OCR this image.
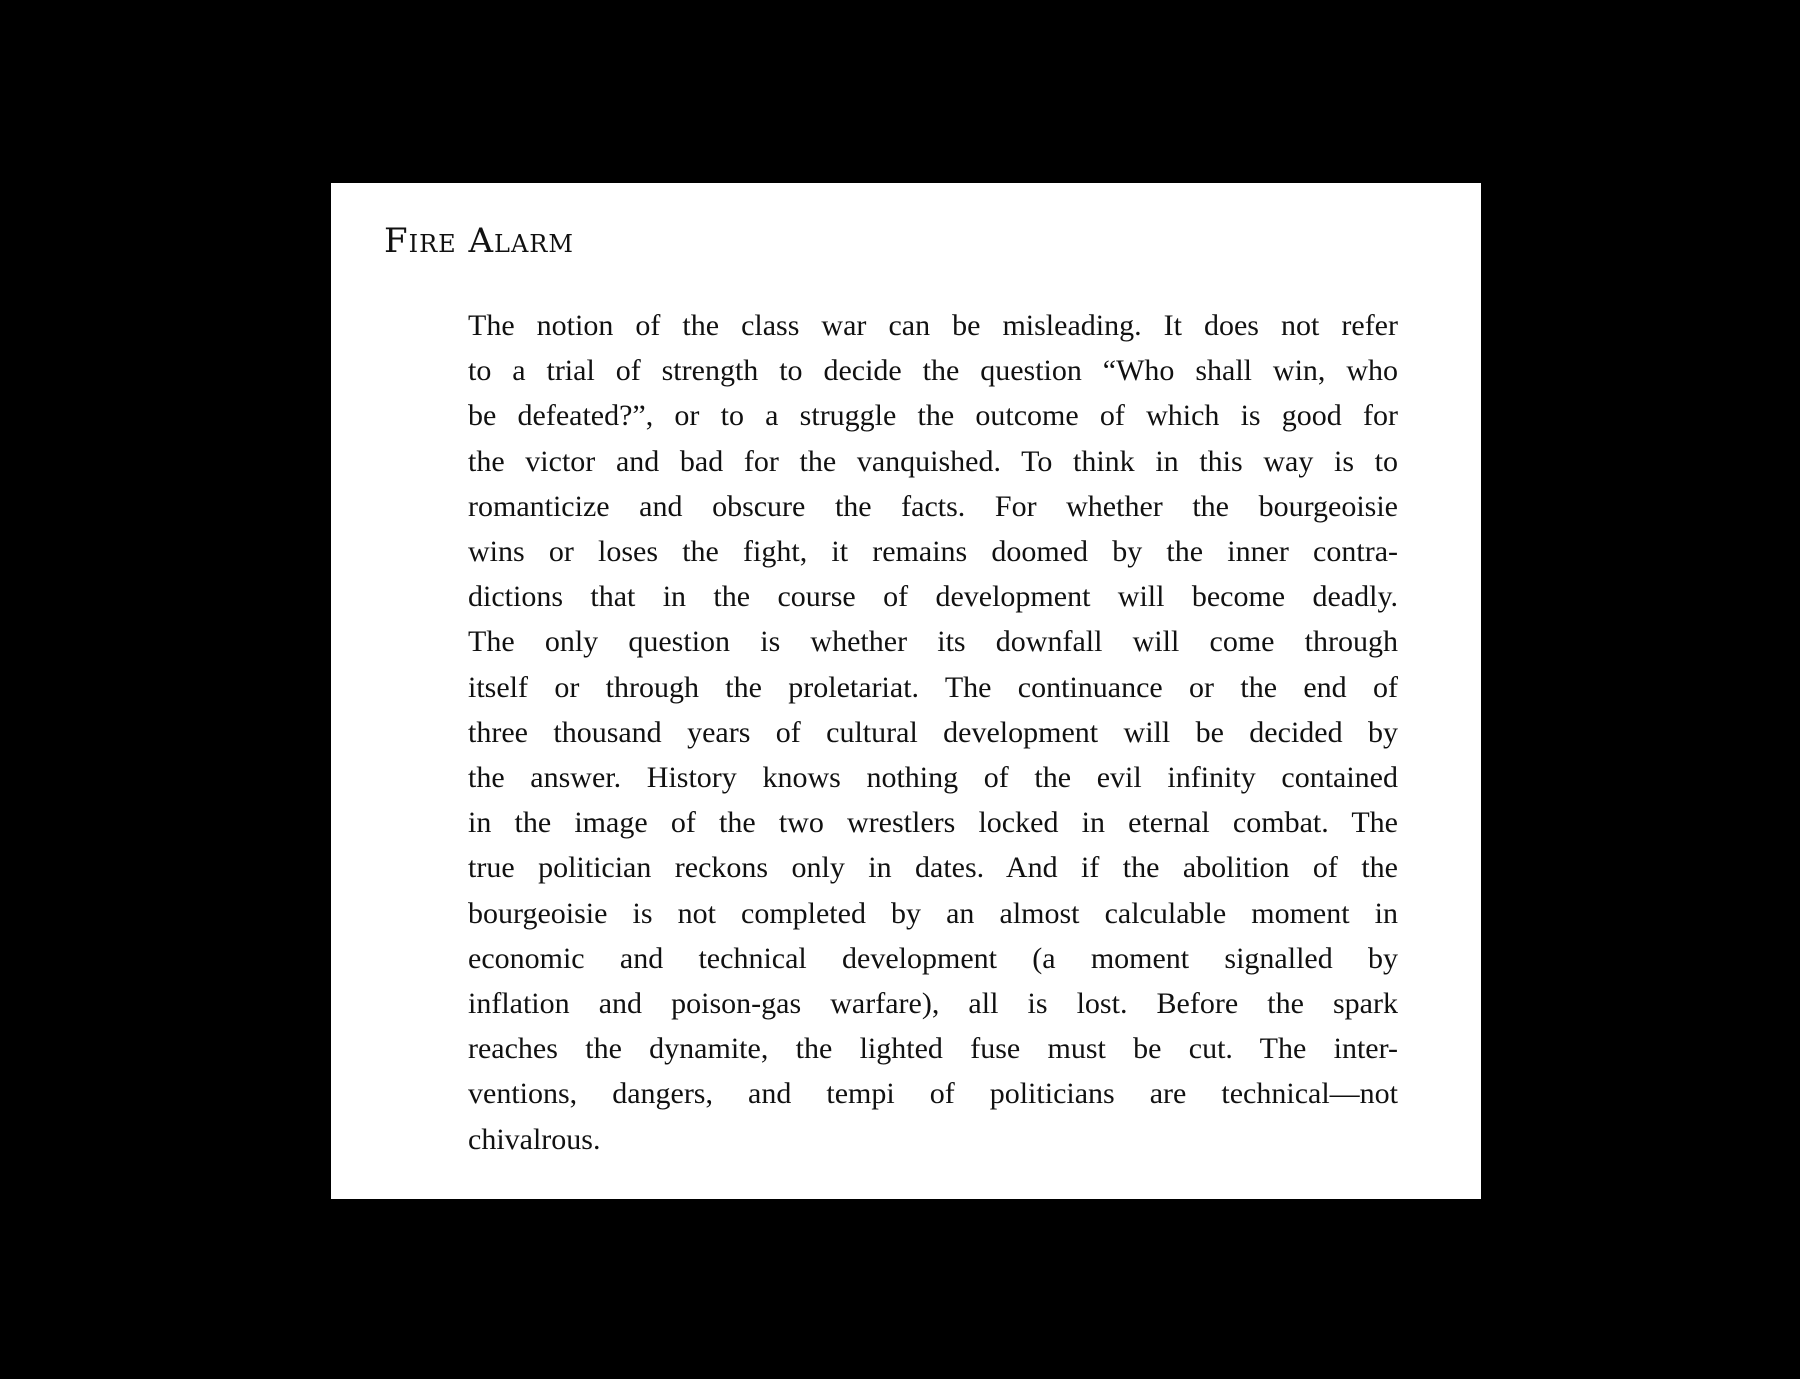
Fire Alarm
The notion of the class war can be misleading. It does not refer
to a trial of strength to decide the question “Who shall win, who
be defeated?”, or to a struggle the outcome of which is good for
the victor and bad for the vanquished. To think in this way is to
romanticize and obscure the facts. For whether the bourgeoisie
wins or loses the fight, it remains doomed by the inner contra-
dictions that in the course of development will become deadly.
The only question is whether its downfall will come through
itself or through the proletariat. The continuance or the end of
three thousand years of cultural development will be decided by
the answer. History knows nothing of the evil infinity contained
in the image of the two wrestlers locked in eternal combat. The
true politician reckons only in dates. And if the abolition of the
bourgeoisie is not completed by an almost calculable moment in
economic and technical development (a moment signalled by
inflation and poison-gas warfare), all is lost. Before the spark
reaches the dynamite, the lighted fuse must be cut. The inter-
ventions, dangers, and tempi of politicians are technical—not
chivalrous.
